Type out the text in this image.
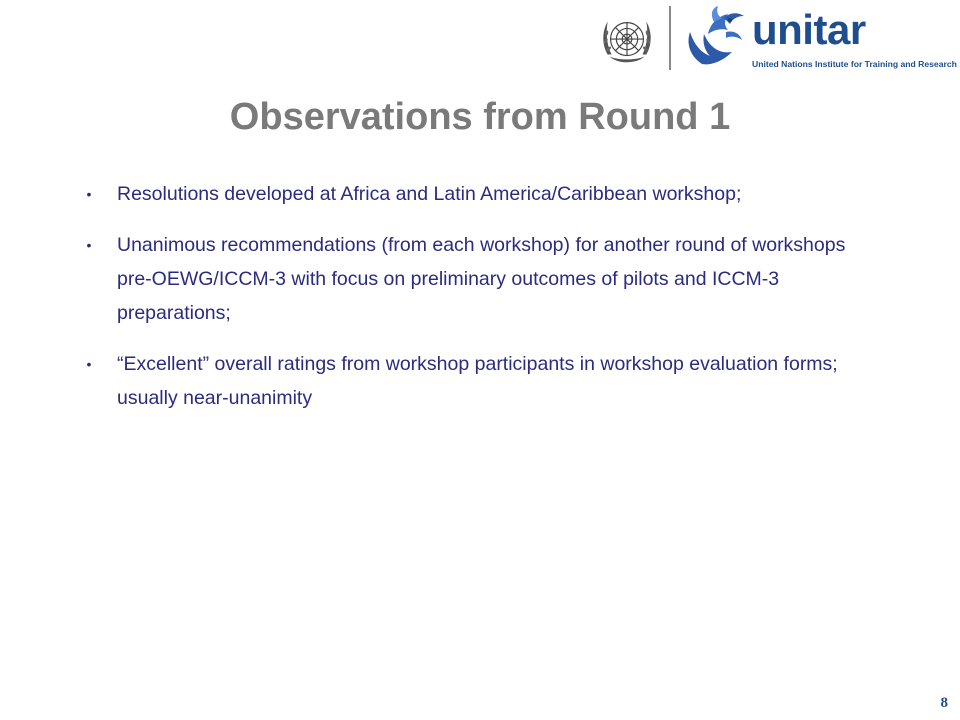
unitar
United Nations Institute for Training and Research
Observations from Round 1
• Resolutions developed at Africa and Latin America/Caribbean workshop;
• Unanimous recommendations (from each workshop) for another round of workshops pre-OEWG/ICCM-3 with focus on preliminary outcomes of pilots and ICCM-3 preparations;
• “Excellent” overall ratings from workshop participants in workshop evaluation forms; usually near-unanimity
8
